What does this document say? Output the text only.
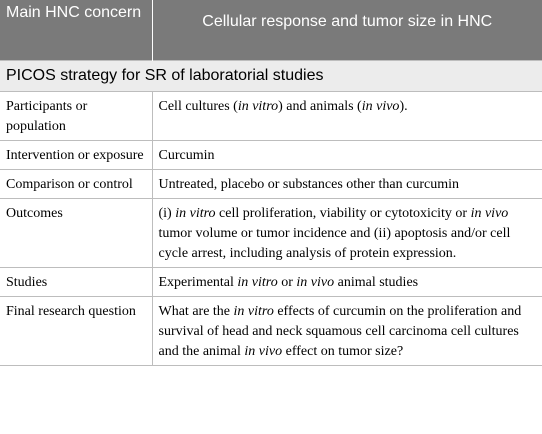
Main HNC concern	Cellular response and tumor size in HNC
PICOS strategy for SR of laboratorial studies	
Participants or population	Cell cultures (in vitro) and animals (in vivo).
Intervention or exposure	Curcumin
Comparison or control	Untreated, placebo or substances other than curcumin
Outcomes	(i) in vitro cell proliferation, viability or cytotoxicity or in vivo tumor volume or tumor incidence and (ii) apoptosis and/or cell cycle arrest, including analysis of protein expression.
Studies	Experimental in vitro or in vivo animal studies
Final research question	What are the in vitro effects of curcumin on the proliferation and survival of head and neck squamous cell carcinoma cell cultures and the animal in vivo effect on tumor size?
